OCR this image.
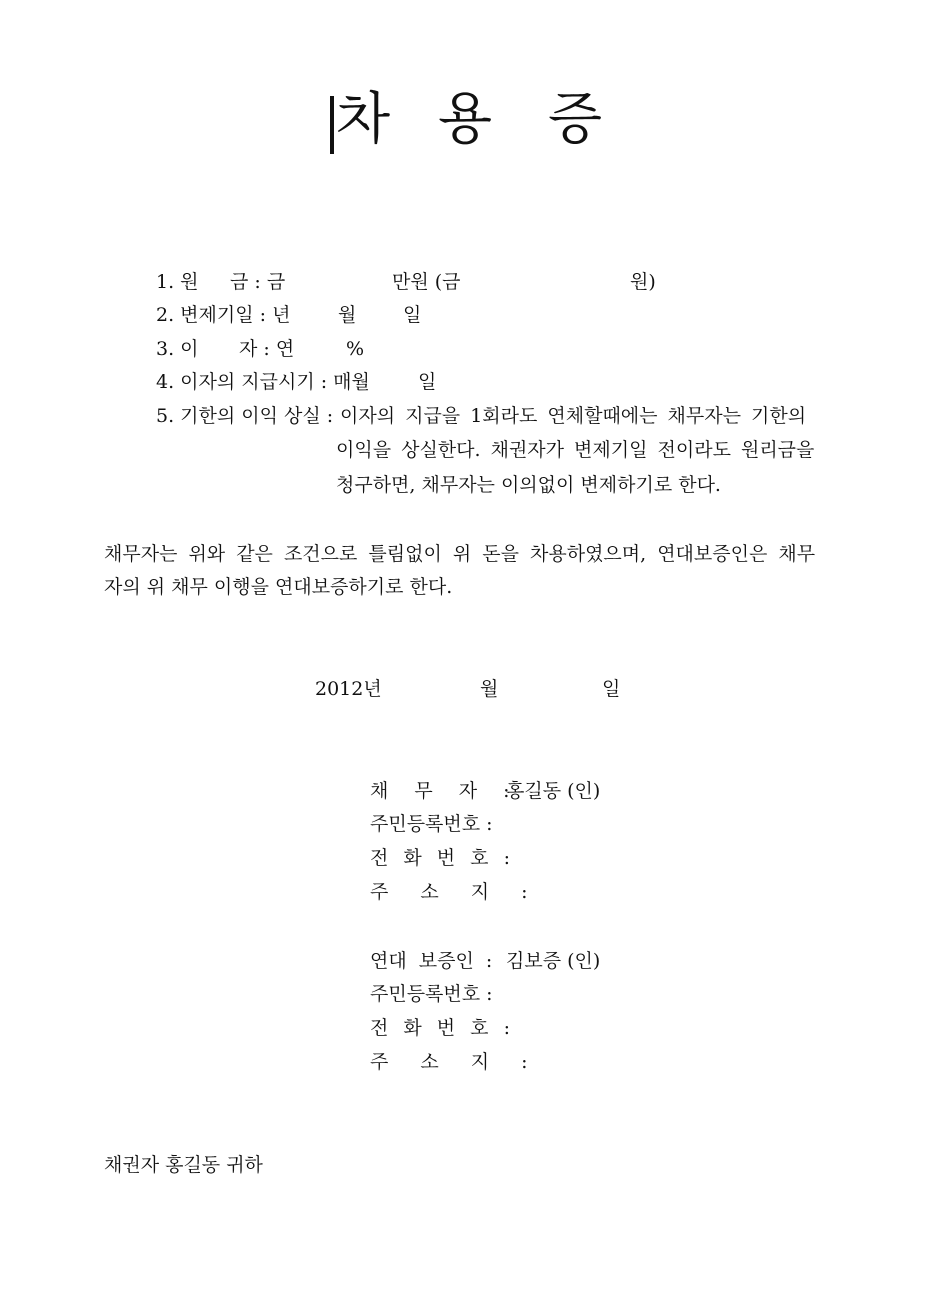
차 용 증
1. 원 금 : 금	만원 (금	원)
2. 변제기일 : 년	월 일
3. 이 자 : 연	%
4. 이자의 지급시기 : 매월	일
5. 기한의 이익 상실 : 이자의 지급을 1회라도 연체할때에는 채무자는 기한의
이익을 상실한다. 채권자가 변제기일 전이라도 원리금을
청구하면, 채무자는 이의없이 변제하기로 한다.
채무자는 위와 같은 조건으로 틀림없이 위 돈을 차용하였으며, 연대보증인은 채무
자의 위 채무 이행을 연대보증하기로 한다.
2012년	월	일
채 무 자 :
홍길동 (인)
주민등록번호 :
전 화 번 호 :
주 소 지 :
연대 보증인 : 김보증 (인)
주민등록번호 :
전 화 번 호 :
주 소 지 :
채권자 홍길동 귀하
